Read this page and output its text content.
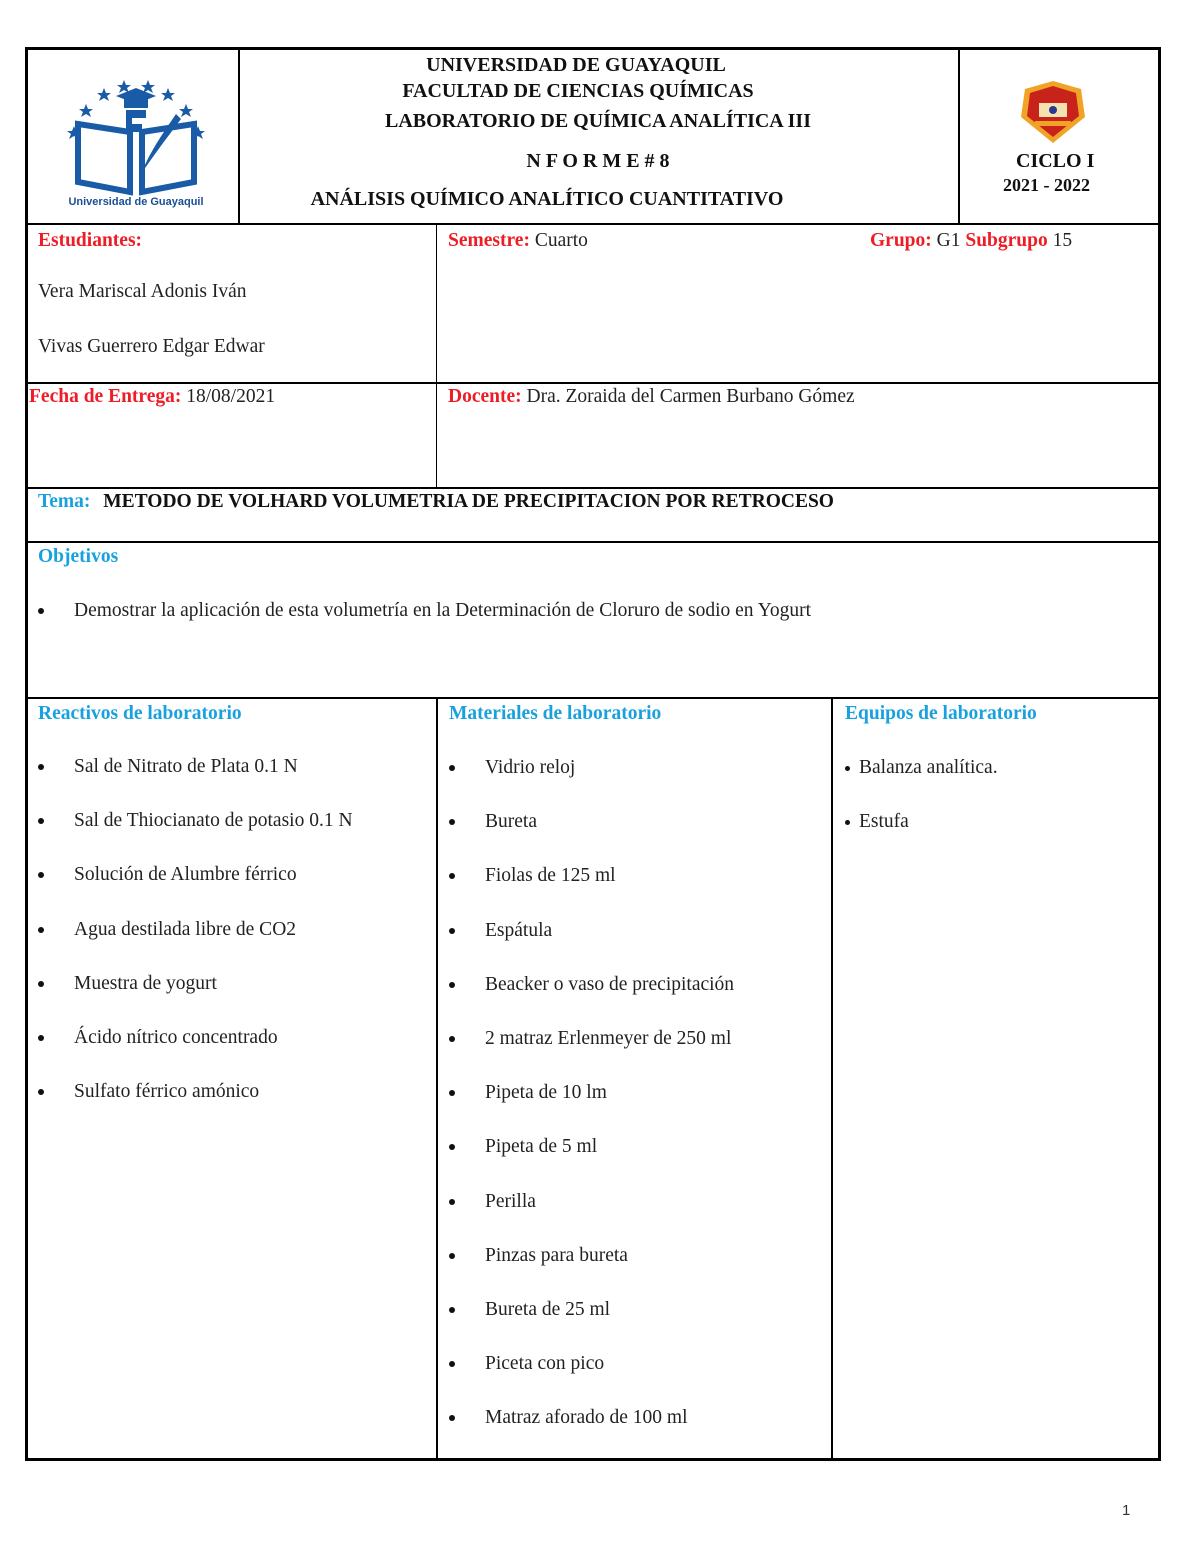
Universidad de Guayaquil
UNIVERSIDAD DE GUAYAQUIL
FACULTAD DE CIENCIAS QUÍMICAS
LABORATORIO DE QUÍMICA ANALÍTICA III
N F O R M E # 8
ANÁLISIS QUÍMICO ANALÍTICO CUANTITATIVO
CICLO I
2021 - 2022
Estudiantes:
Vera Mariscal Adonis Iván
Vivas Guerrero Edgar Edwar
Semestre: Cuarto	Grupo: G1 Subgrupo 15
Fecha de Entrega: 18/08/2021	Docente: Dra. Zoraida del Carmen Burbano Gómez
Tema: METODO DE VOLHARD VOLUMETRIA DE PRECIPITACION POR RETROCESO
Objetivos
Demostrar la aplicación de esta volumetría en la Determinación de Cloruro de sodio en Yogurt
Reactivos de laboratorio
Sal de Nitrato de Plata 0.1 N
Sal de Thiocianato de potasio 0.1 N
Solución de Alumbre férrico
Agua destilada libre de CO2
Muestra de yogurt
Ácido nítrico concentrado
Sulfato férrico amónico
Materiales de laboratorio
Vidrio reloj
Bureta
Fiolas de 125 ml
Espátula
Beacker o vaso de precipitación
2 matraz Erlenmeyer de 250 ml
Pipeta de 10 lm
Pipeta de 5 ml
Perilla
Pinzas para bureta
Bureta de 25 ml
Piceta con pico
Matraz aforado de 100 ml
Equipos de laboratorio
Balanza analítica.
Estufa
1
